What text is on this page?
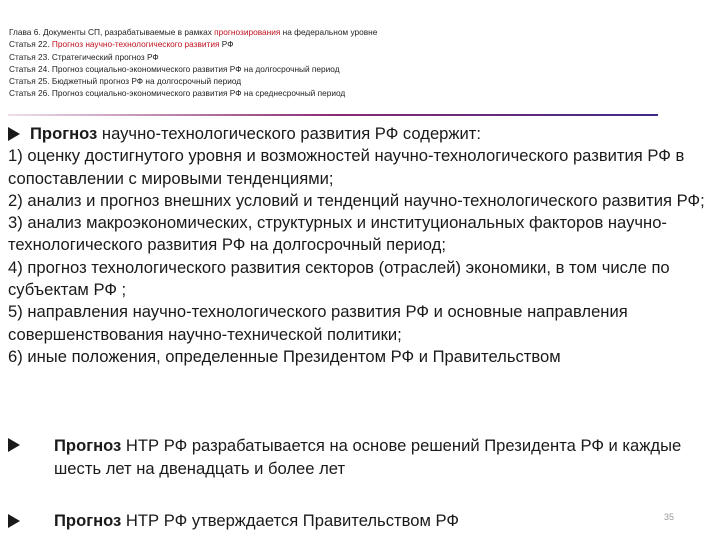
Глава 6. Документы СП, разрабатываемые в рамках прогнозирования на федеральном уровне
Статья 22. Прогноз научно-технологического развития РФ
Статья 23. Стратегический прогноз РФ
Статья 24. Прогноз социально-экономического развития РФ на долгосрочный период
Статья 25. Бюджетный прогноз РФ на долгосрочный период
Статья 26. Прогноз социально-экономического развития РФ на среднесрочный период
Прогноз научно-технологического развития РФ содержит:
1) оценку достигнутого уровня и возможностей научно-технологического развития РФ в сопоставлении с мировыми тенденциями;
2) анализ и прогноз внешних условий и тенденций научно-технологического развития РФ;
3) анализ макроэкономических, структурных и институциональных факторов научно-технологического развития РФ на долгосрочный период;
4) прогноз технологического развития секторов (отраслей) экономики, в том числе по субъектам РФ ;
5) направления научно-технологического развития РФ и основные направления совершенствования научно-технической политики;
6) иные положения, определенные Президентом РФ и Правительством
Прогноз НТР РФ разрабатывается на основе решений Президента РФ и каждые шесть лет на двенадцать и более лет
Прогноз НТР РФ утверждается Правительством РФ	35
